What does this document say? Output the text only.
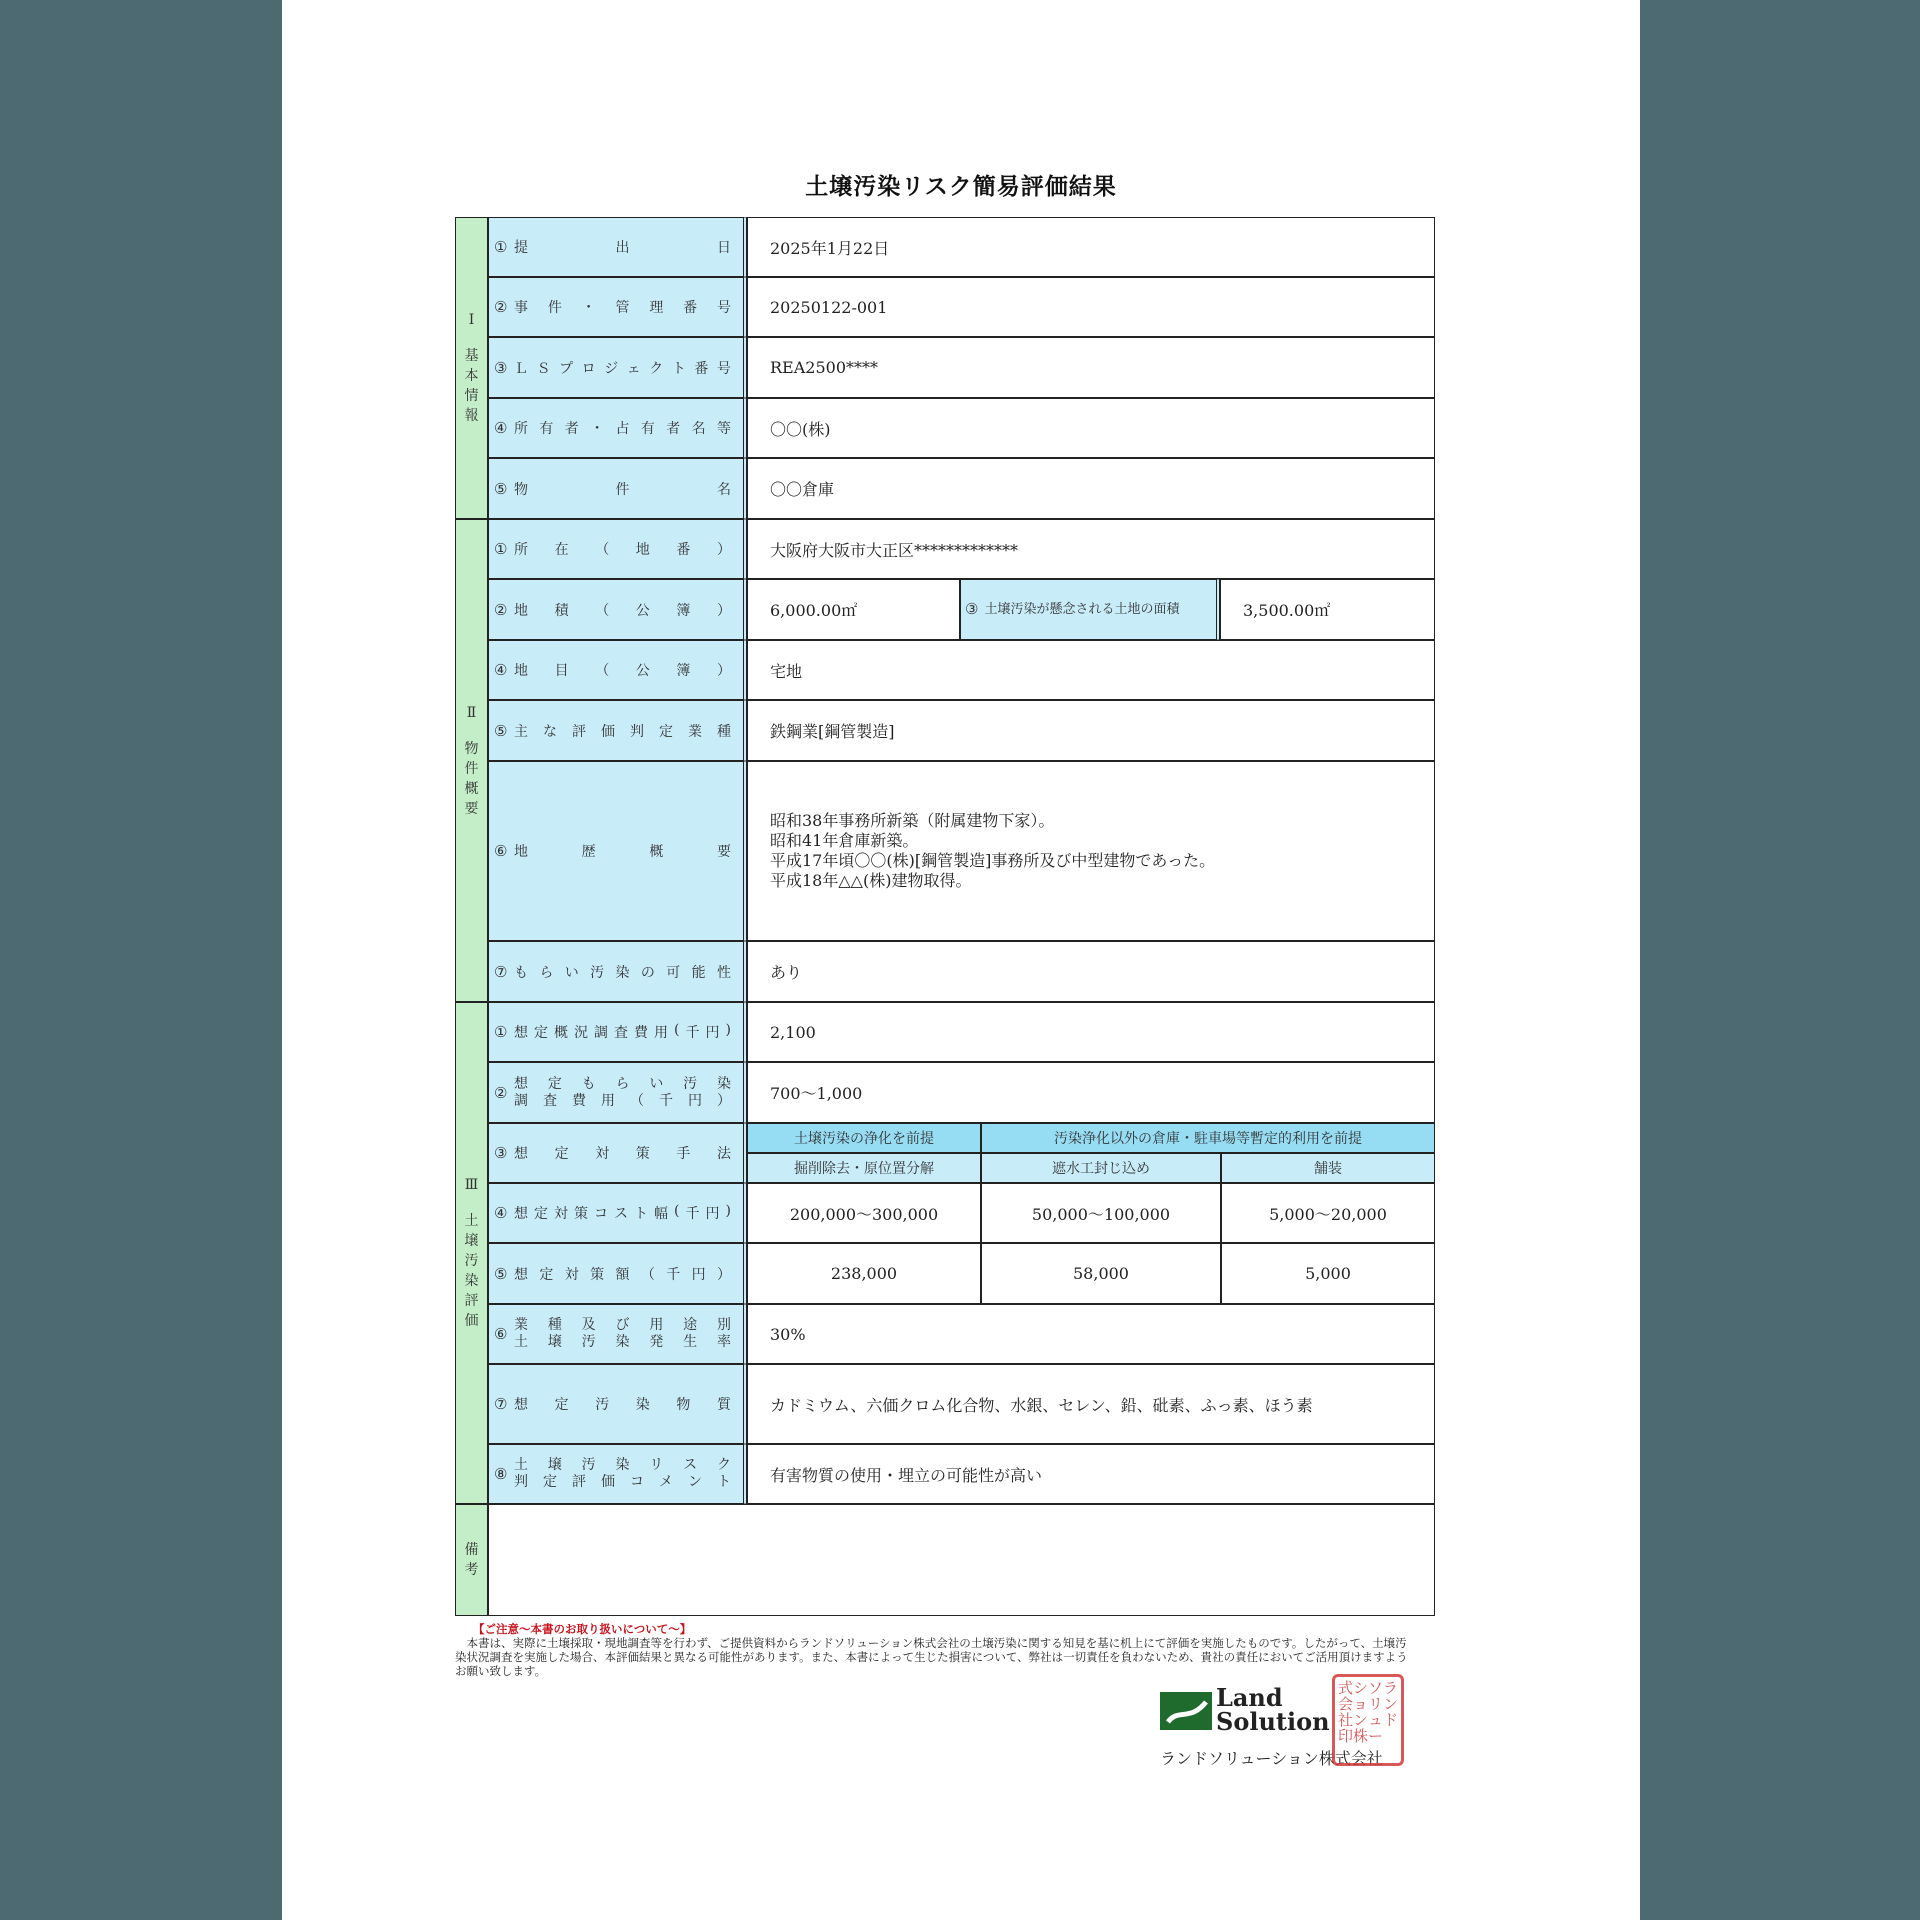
土壌汚染リスク簡易評価結果
Ⅰ
基
本
情
報
① 提	出	日	2025年1月22日
② 事 件 ・ 管 理 番 号	20250122-001
③ Ｌ Ｓ プ ロ ジ ェ ク ト 番 号	REA2500****
④ 所 有 者 ・ 占 有 者 名 等	〇〇(株)
⑤ 物	件	名	〇〇倉庫
Ⅱ
物
件
概
要
① 所 在 （ 地 番 ）	大阪府大阪市大正区*************
② 地 積 （ 公 簿 ）	6,000.00㎡	③ 土壌汚染が懸念される土地の面積	3,500.00㎡
④ 地 目 （ 公 簿 ）	宅地
⑤ 主 な 評 価 判 定 業 種	鉄鋼業[鋼管製造]
⑥ 地	歴	概	要
昭和38年事務所新築（附属建物下家）。
昭和41年倉庫新築。
平成17年頃〇〇(株)[鋼管製造]事務所及び中型建物であった。
平成18年△△(株)建物取得。
⑦ も ら い 汚 染 の 可 能 性	あり
Ⅲ
土
壌
汚
染
評
価
① 想 定 概 況 調 査 費 用 ( 千 円 )	2,100
② 想 定 も ら い 汚 染
調 査 費 用 （ 千 円 ）	700～1,000
③ 想 定 対 策 手 法
土壌汚染の浄化を前提	汚染浄化以外の倉庫・駐車場等暫定的利用を前提
掘削除去・原位置分解	遮水工封じ込め	舗装
④ 想 定 対 策 コ ス ト 幅 ( 千 円 )	200,000～300,000	50,000～100,000	5,000～20,000
⑤ 想 定 対 策 額 （ 千 円 ）	238,000	58,000	5,000
⑥ 業 種 及 び 用 途 別
土 壌 汚 染 発 生 率	30%
⑦ 想 定 汚 染 物 質	カドミウム、六価クロム化合物、水銀、セレン、鉛、砒素、ふっ素、ほう素
⑧ 土 壌 汚 染 リ ス ク
判 定 評 価 コ メ ン ト	有害物質の使用・埋立の可能性が高い
備
考
【ご注意～本書のお取り扱いについて～】
本書は、実際に土壌採取・現地調査等を行わず、ご提供資料からランドソリューション株式会社の土壌汚染に関する知見を基に机上にて評価を実施したものです。したがって、土壌汚染状況調査を実施した場合、本評価結果と異なる可能性があります。また、本書によって生じた損害について、弊社は一切責任を負わないため、貴社の責任においてご活用頂けますようお願い致します。
Land
Solution
ランドソリューション株式会社
ラ
ン
ド
ソ
リ
ュ
ー
シ
ョ
ン
株
式
会
社
印
